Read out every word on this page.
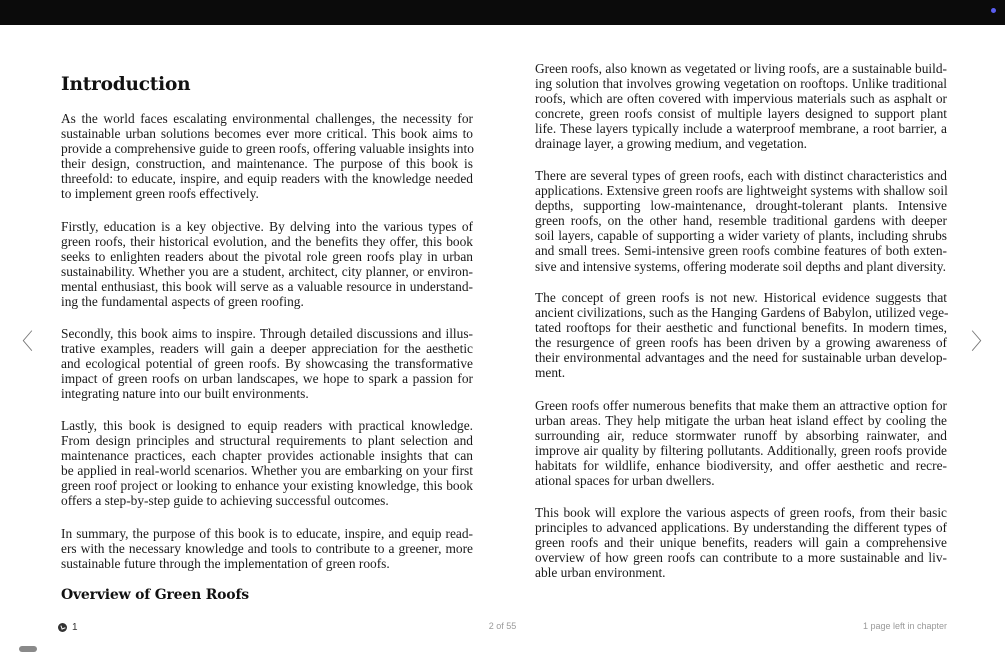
Introduction

As the world faces escalating environmental challenges, the necessity for
sustainable urban solutions becomes ever more critical. This book aims to
provide a comprehensive guide to green roofs, offering valuable insights into
their design, construction, and maintenance. The purpose of this book is
threefold: to educate, inspire, and equip readers with the knowledge needed
to implement green roofs effectively.

Firstly, education is a key objective. By delving into the various types of
green roofs, their historical evolution, and the benefits they offer, this book
seeks to enlighten readers about the pivotal role green roofs play in urban
sustainability. Whether you are a student, architect, city planner, or environ-
mental enthusiast, this book will serve as a valuable resource in understand-
ing the fundamental aspects of green roofing.

Secondly, this book aims to inspire. Through detailed discussions and illus-
trative examples, readers will gain a deeper appreciation for the aesthetic
and ecological potential of green roofs. By showcasing the transformative
impact of green roofs on urban landscapes, we hope to spark a passion for
integrating nature into our built environments.

Lastly, this book is designed to equip readers with practical knowledge.
From design principles and structural requirements to plant selection and
maintenance practices, each chapter provides actionable insights that can
be applied in real-world scenarios. Whether you are embarking on your first
green roof project or looking to enhance your existing knowledge, this book
offers a step-by-step guide to achieving successful outcomes.

In summary, the purpose of this book is to educate, inspire, and equip read-
ers with the necessary knowledge and tools to contribute to a greener, more
sustainable future through the implementation of green roofs.

Overview of Green Roofs

Green roofs, also known as vegetated or living roofs, are a sustainable build-
ing solution that involves growing vegetation on rooftops. Unlike traditional
roofs, which are often covered with impervious materials such as asphalt or
concrete, green roofs consist of multiple layers designed to support plant
life. These layers typically include a waterproof membrane, a root barrier, a
drainage layer, a growing medium, and vegetation.

There are several types of green roofs, each with distinct characteristics and
applications. Extensive green roofs are lightweight systems with shallow soil
depths, supporting low-maintenance, drought-tolerant plants. Intensive
green roofs, on the other hand, resemble traditional gardens with deeper
soil layers, capable of supporting a wider variety of plants, including shrubs
and small trees. Semi-intensive green roofs combine features of both exten-
sive and intensive systems, offering moderate soil depths and plant diversity.

The concept of green roofs is not new. Historical evidence suggests that
ancient civilizations, such as the Hanging Gardens of Babylon, utilized vege-
tated rooftops for their aesthetic and functional benefits. In modern times,
the resurgence of green roofs has been driven by a growing awareness of
their environmental advantages and the need for sustainable urban develop-
ment.

Green roofs offer numerous benefits that make them an attractive option for
urban areas. They help mitigate the urban heat island effect by cooling the
surrounding air, reduce stormwater runoff by absorbing rainwater, and
improve air quality by filtering pollutants. Additionally, green roofs provide
habitats for wildlife, enhance biodiversity, and offer aesthetic and recre-
ational spaces for urban dwellers.

This book will explore the various aspects of green roofs, from their basic
principles to advanced applications. By understanding the different types of
green roofs and their unique benefits, readers will gain a comprehensive
overview of how green roofs can contribute to a more sustainable and liv-
able urban environment.

〈	〉
1	2 of 55	1 page left in chapter
